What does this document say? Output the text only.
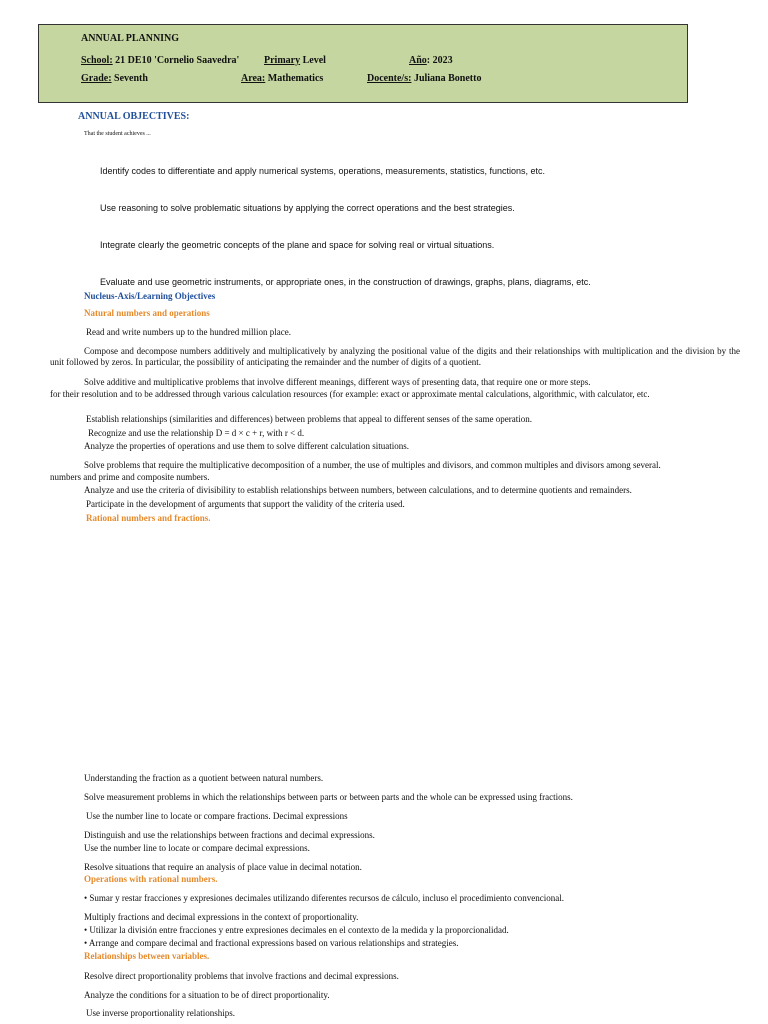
ANNUAL PLANNING
School: 21 DE10 'Cornelio Saavedra' Primary Level	Año: 2023
Grade: Seventh	Area: Mathematics	Docente/s: Juliana Bonetto
ANNUAL OBJECTIVES:
That the student achieves ...
Identify codes to differentiate and apply numerical systems, operations, measurements, statistics, functions, etc.
Use reasoning to solve problematic situations by applying the correct operations and the best strategies.
Integrate clearly the geometric concepts of the plane and space for solving real or virtual situations.
Evaluate and use geometric instruments, or appropriate ones, in the construction of drawings, graphs, plans, diagrams, etc.
Nucleus-Axis/Learning Objectives
Natural numbers and operations
Read and write numbers up to the hundred million place.
Compose and decompose numbers additively and multiplicatively by analyzing the positional value of the digits and their relationships with multiplication and the division by the unit followed by zeros. In particular, the possibility of anticipating the remainder and the number of digits of a quotient.
Solve additive and multiplicative problems that involve different meanings, different ways of presenting data, that require one or more steps.
for their resolution and to be addressed through various calculation resources (for example: exact or approximate mental calculations, algorithmic, with calculator, etc.
Establish relationships (similarities and differences) between problems that appeal to different senses of the same operation.
Recognize and use the relationship D = d × c + r, with r < d.
Analyze the properties of operations and use them to solve different calculation situations.
Solve problems that require the multiplicative decomposition of a number, the use of multiples and divisors, and common multiples and divisors among several.
numbers and prime and composite numbers.
Analyze and use the criteria of divisibility to establish relationships between numbers, between calculations, and to determine quotients and remainders.
Participate in the development of arguments that support the validity of the criteria used.
Rational numbers and fractions.
Understanding the fraction as a quotient between natural numbers.
Solve measurement problems in which the relationships between parts or between parts and the whole can be expressed using fractions.
Use the number line to locate or compare fractions. Decimal expressions
Distinguish and use the relationships between fractions and decimal expressions.
Use the number line to locate or compare decimal expressions.
Resolve situations that require an analysis of place value in decimal notation.
Operations with rational numbers.
• Sumar y restar fracciones y expresiones decimales utilizando diferentes recursos de cálculo, incluso el procedimiento convencional.
Multiply fractions and decimal expressions in the context of proportionality.
• Utilizar la división entre fracciones y entre expresiones decimales en el contexto de la medida y la proporcionalidad.
• Arrange and compare decimal and fractional expressions based on various relationships and strategies.
Relationships between variables.
Resolve direct proportionality problems that involve fractions and decimal expressions.
Analyze the conditions for a situation to be of direct proportionality.
Use inverse proportionality relationships.
